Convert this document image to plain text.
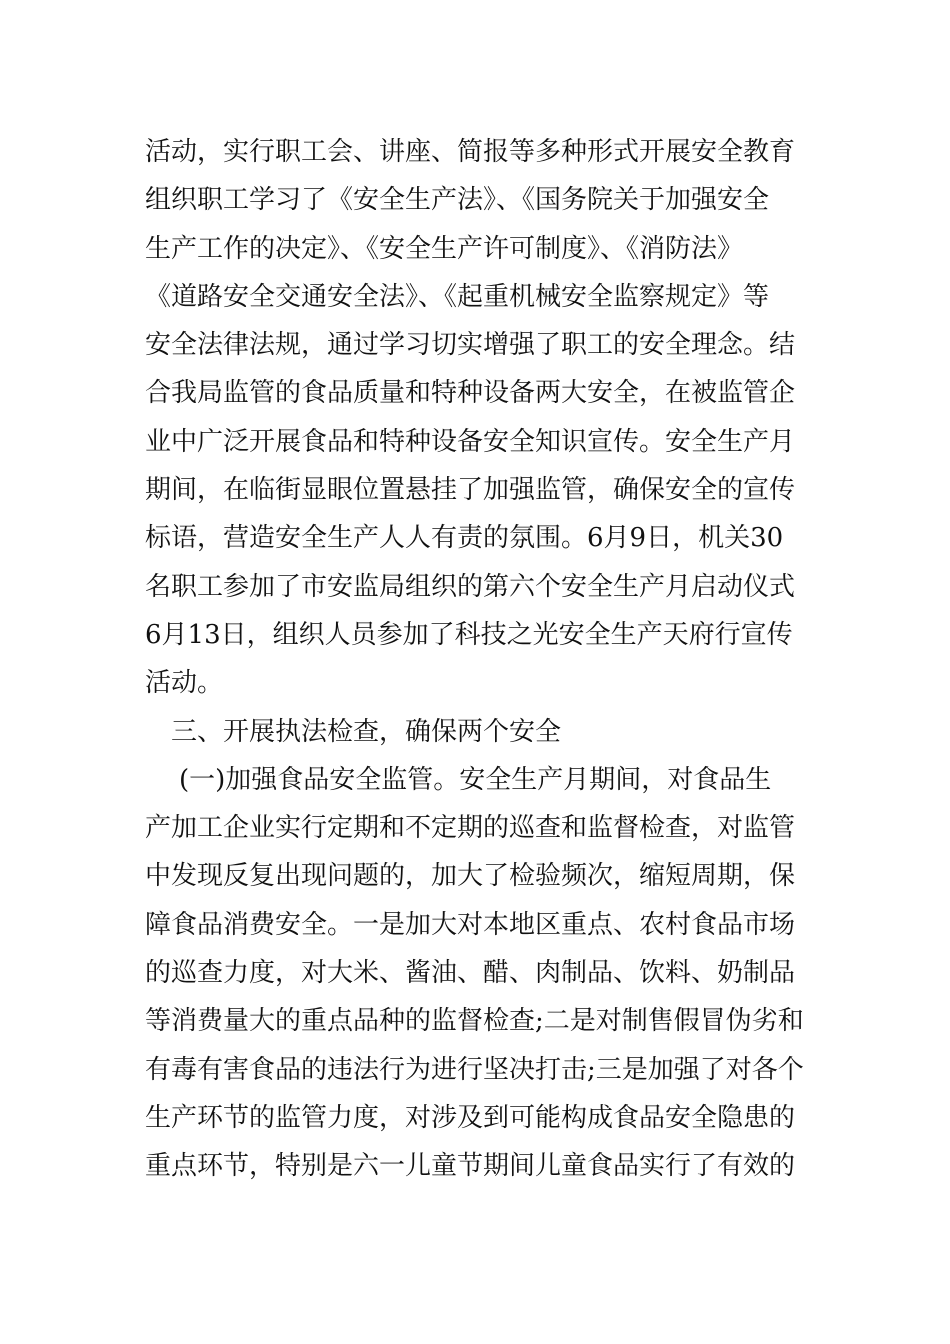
活动，实行职工会、讲座、简报等多种形式开展安全教育

组织职工学习了《安全生产法》、《国务院关于加强安全

生产工作的决定》、《安全生产许可制度》、《消防法》

《道路安全交通安全法》、《起重机械安全监察规定》等

安全法律法规，通过学习切实增强了职工的安全理念。结

合我局监管的食品质量和特种设备两大安全，在被监管企

业中广泛开展食品和特种设备安全知识宣传。安全生产月

期间，在临街显眼位置悬挂了加强监管，确保安全的宣传

标语，营造安全生产人人有责的氛围。6月9日，机关30

名职工参加了市安监局组织的第六个安全生产月启动仪式

6月13日，组织人员参加了科技之光安全生产天府行宣传

活动。

三、开展执法检查，确保两个安全

(一)加强食品安全监管。安全生产月期间，对食品生

产加工企业实行定期和不定期的巡查和监督检查，对监管

中发现反复出现问题的，加大了检验频次，缩短周期，保

障食品消费安全。一是加大对本地区重点、农村食品市场

的巡查力度，对大米、酱油、醋、肉制品、饮料、奶制品

等消费量大的重点品种的监督检查;二是对制售假冒伪劣和

有毒有害食品的违法行为进行坚决打击;三是加强了对各个

生产环节的监管力度，对涉及到可能构成食品安全隐患的

重点环节，特别是六一儿童节期间儿童食品实行了有效的
